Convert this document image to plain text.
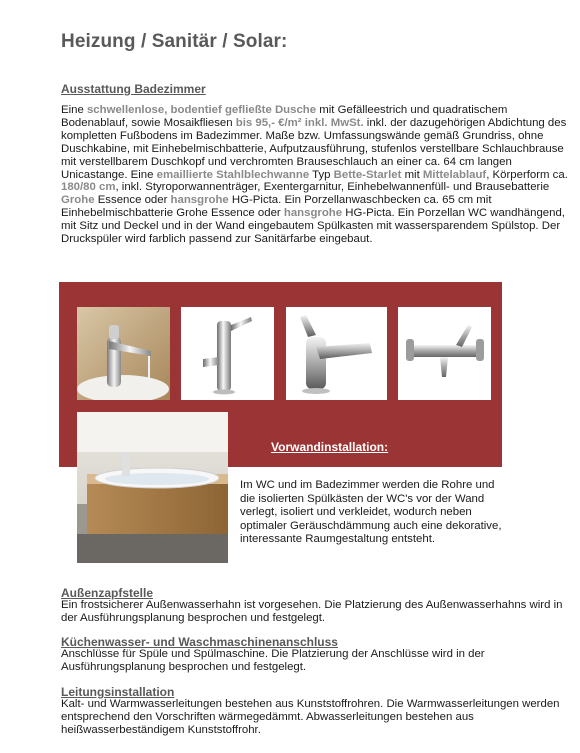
Heizung / Sanitär / Solar:
Ausstattung Badezimmer

Eine schwellenlose, bodentief gefließte Dusche mit Gefälleestrich und quadratischem Bodenablauf, sowie Mosaikfliesen bis 95,- €/m² inkl. MwSt. inkl. der dazugehörigen Abdichtung des kompletten Fußbodens im Badezimmer. Maße bzw. Umfassungswände gemäß Grundriss, ohne Duschkabine, mit Einhebelmischbatterie, Aufputzausführung, stufenlos verstellbare Schlauchbrause mit verstellbarem Duschkopf und verchromten Brauseschlauch an einer ca. 64 cm langen Unicastange. Eine emaillierte Stahlblechwanne Typ Bette-Starlet mit Mittelablauf, Körperform ca. 180/80 cm, inkl. Styroporwannenträger, Exentergarnitur, Einhebelwannenfüll- und Brausebatterie Grohe Essence oder hansgrohe HG-Picta. Ein Porzellanwaschbecken ca. 65 cm mit Einhebelmischbatterie Grohe Essence oder hansgrohe HG-Picta. Ein Porzellan WC wandhängend, mit Sitz und Deckel und in der Wand eingebautem Spülkasten mit wassersparendem Spülstop. Der Druckspüler wird farblich passend zur Sanitärfarbe eingebaut.

Vorwandinstallation:

Im WC und im Badezimmer werden die Rohre und die isolierten Spülkästen der WC's vor der Wand verlegt, isoliert und verkleidet, wodurch neben optimaler Geräuschdämmung auch eine dekorative, interessante Raumgestaltung entsteht.

Außenzapfstelle

Ein frostsicherer Außenwasserhahn ist vorgesehen. Die Platzierung des Außenwasserhahns wird in der Ausführungsplanung besprochen und festgelegt.

Küchenwasser- und Waschmaschinenanschluss

Anschlüsse für Spüle und Spülmaschine. Die Platzierung der Anschlüsse wird in der Ausführungsplanung besprochen und festgelegt.

Leitungsinstallation

Kalt- und Warmwasserleitungen bestehen aus Kunststoffrohren. Die Warmwasserleitungen werden entsprechend den Vorschriften wärmegedämmt. Abwasserleitungen bestehen aus heißwasserbeständigem Kunststoffrohr.
